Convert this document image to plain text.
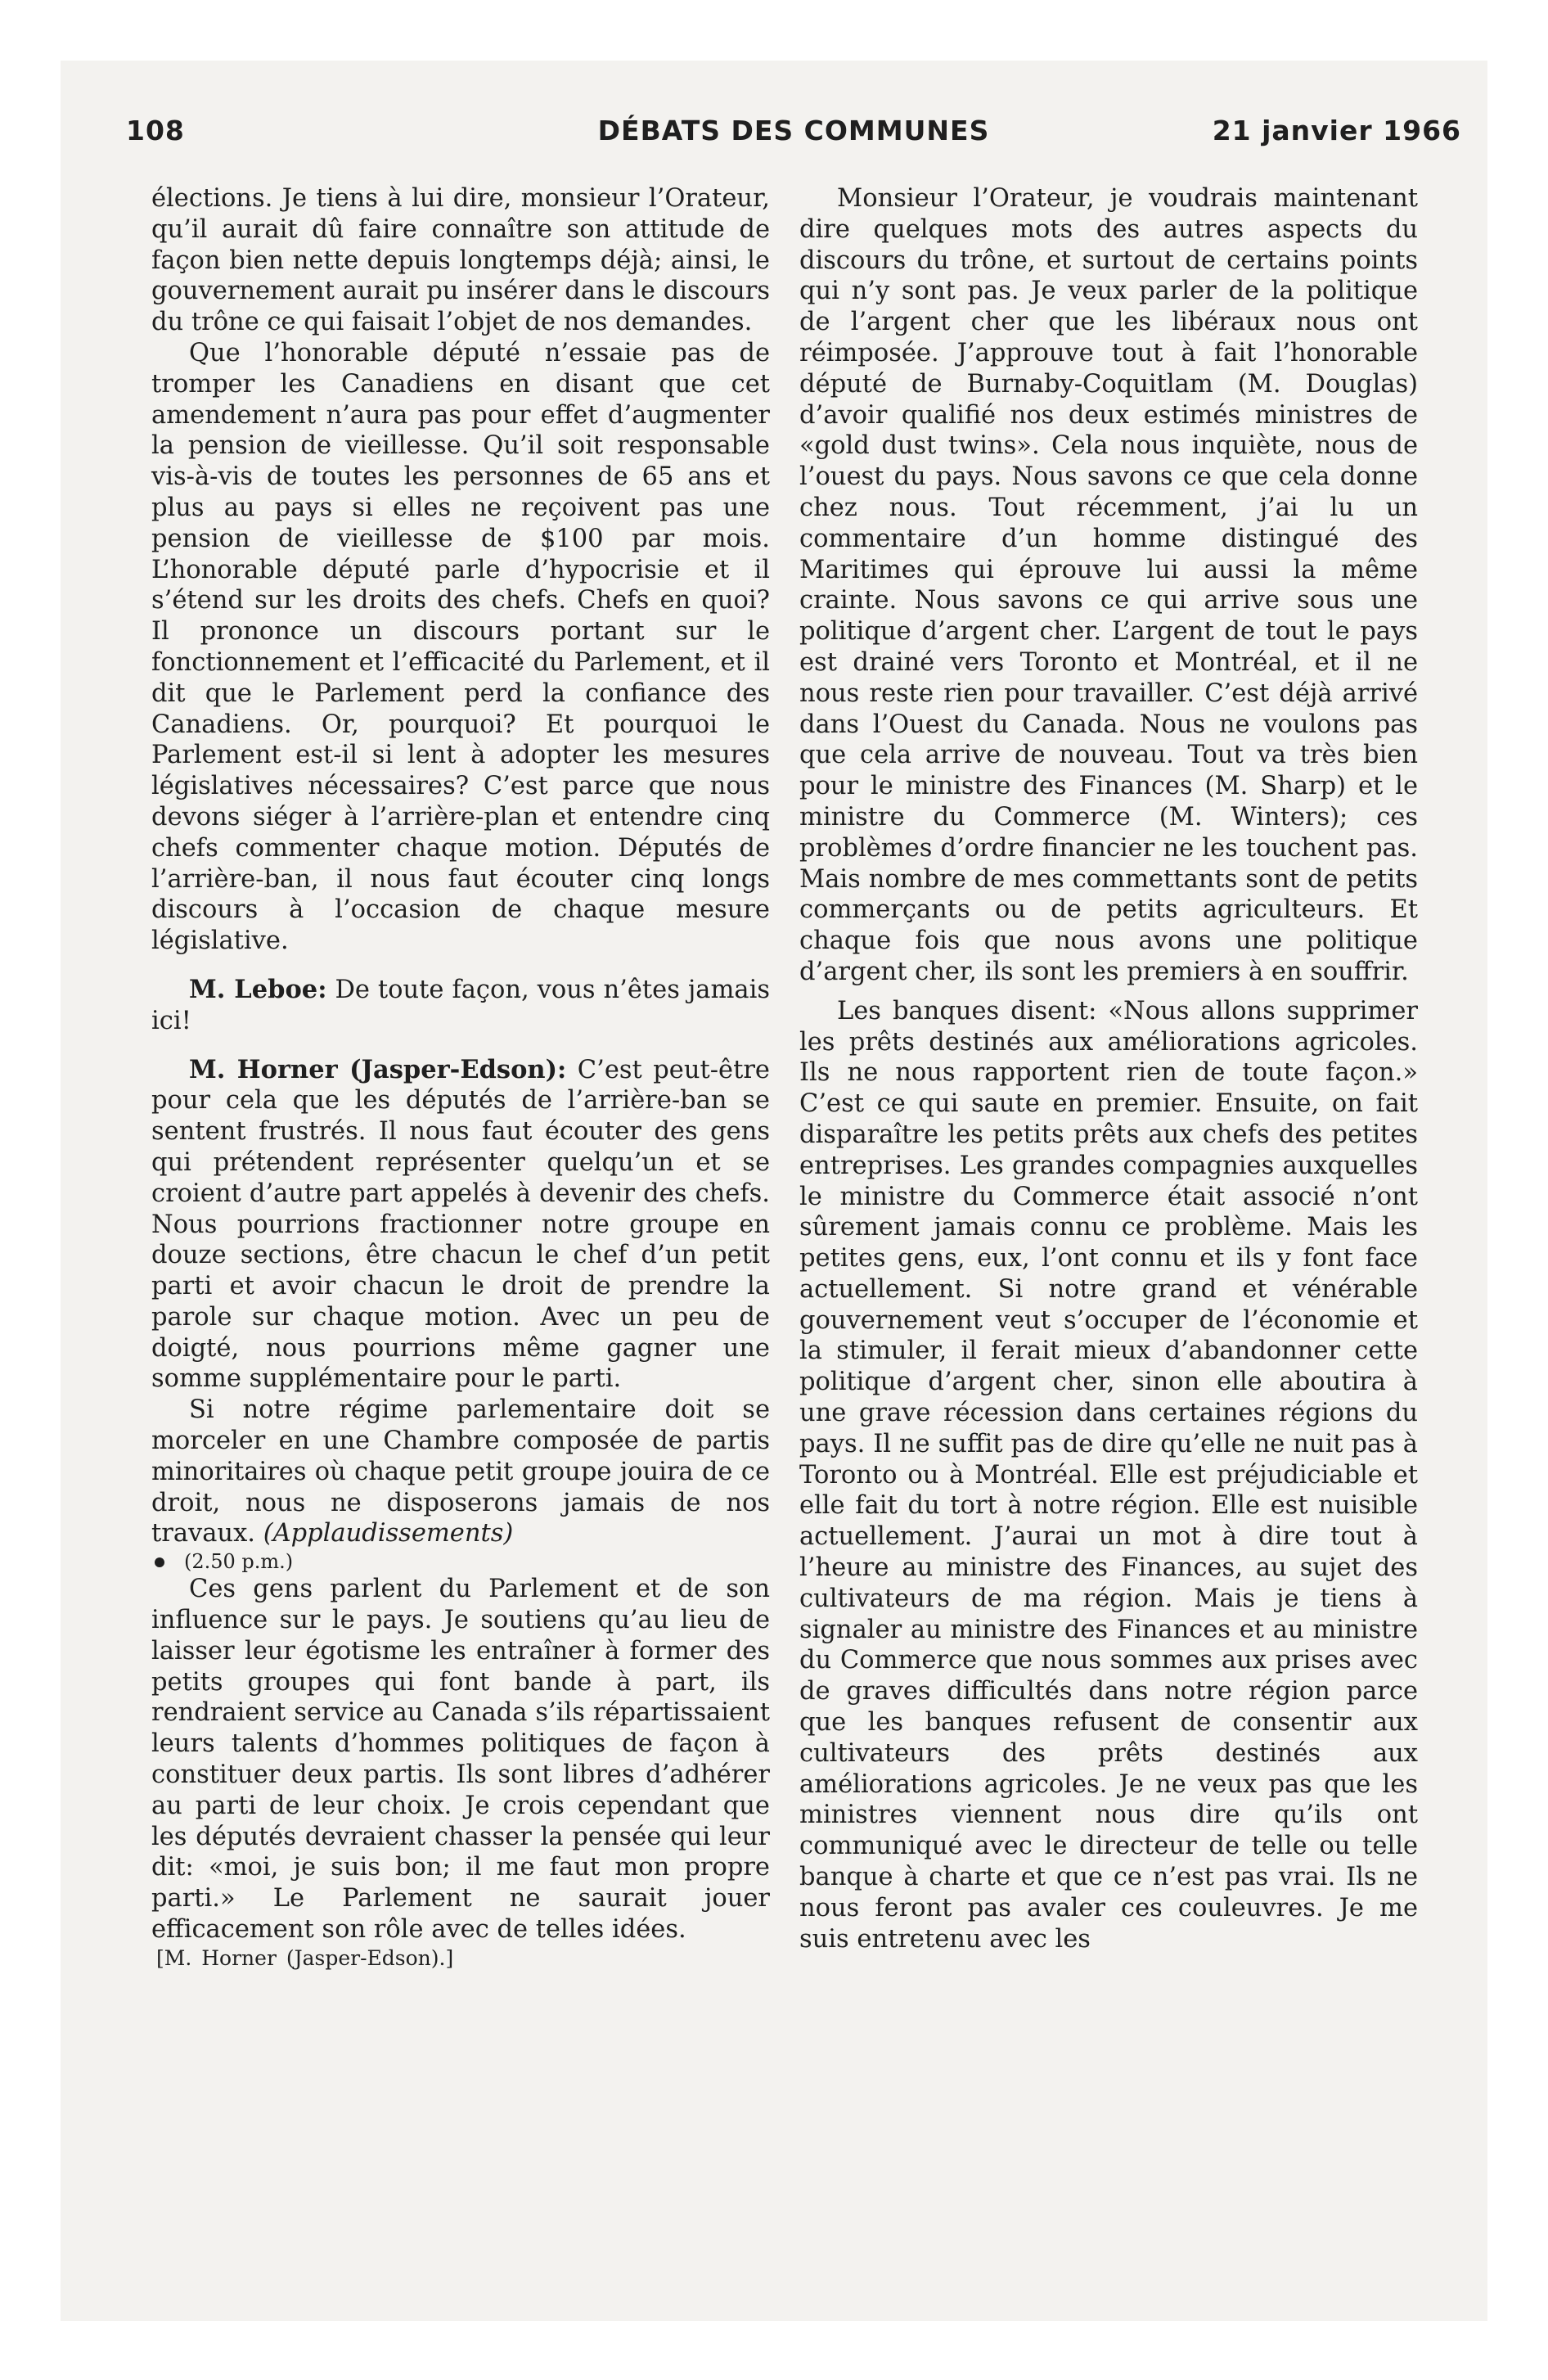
108	DÉBATS DES COMMUNES	21 janvier 1966

élections. Je tiens à lui dire, monsieur l’Orateur, qu’il aurait dû faire connaître son attitude de façon bien nette depuis longtemps déjà; ainsi, le gouvernement aurait pu insérer dans le discours du trône ce qui faisait l’objet de nos demandes.

Que l’honorable député n’essaie pas de tromper les Canadiens en disant que cet amendement n’aura pas pour effet d’augmenter la pension de vieillesse. Qu’il soit responsable vis-à-vis de toutes les personnes de 65 ans et plus au pays si elles ne reçoivent pas une pension de vieillesse de $100 par mois. L’honorable député parle d’hypocrisie et il s’étend sur les droits des chefs. Chefs en quoi? Il prononce un discours portant sur le fonctionnement et l’efficacité du Parlement, et il dit que le Parlement perd la confiance des Canadiens. Or, pourquoi? Et pourquoi le Parlement est-il si lent à adopter les mesures législatives nécessaires? C’est parce que nous devons siéger à l’arrière-plan et entendre cinq chefs commenter chaque motion. Députés de l’arrière-ban, il nous faut écouter cinq longs discours à l’occasion de chaque mesure législative.

M. Leboe: De toute façon, vous n’êtes jamais ici!

M. Horner (Jasper-Edson): C’est peut-être pour cela que les députés de l’arrière-ban se sentent frustrés. Il nous faut écouter des gens qui prétendent représenter quelqu’un et se croient d’autre part appelés à devenir des chefs. Nous pourrions fractionner notre groupe en douze sections, être chacun le chef d’un petit parti et avoir chacun le droit de prendre la parole sur chaque motion. Avec un peu de doigté, nous pourrions même gagner une somme supplémentaire pour le parti.

Si notre régime parlementaire doit se morceler en une Chambre composée de partis minoritaires où chaque petit groupe jouira de ce droit, nous ne disposerons jamais de nos travaux. (Applaudissements)

(2.50 p.m.)

Ces gens parlent du Parlement et de son influence sur le pays. Je soutiens qu’au lieu de laisser leur égotisme les entraîner à former des petits groupes qui font bande à part, ils rendraient service au Canada s’ils répartissaient leurs talents d’hommes politiques de façon à constituer deux partis. Ils sont libres d’adhérer au parti de leur choix. Je crois cependant que les députés devraient chasser la pensée qui leur dit: «moi, je suis bon; il me faut mon propre parti.» Le Parlement ne saurait jouer efficacement son rôle avec de telles idées.

[M. Horner (Jasper-Edson).]

Monsieur l’Orateur, je voudrais maintenant dire quelques mots des autres aspects du discours du trône, et surtout de certains points qui n’y sont pas. Je veux parler de la politique de l’argent cher que les libéraux nous ont réimposée. J’approuve tout à fait l’honorable député de Burnaby-Coquitlam (M. Douglas) d’avoir qualifié nos deux estimés ministres de «gold dust twins». Cela nous inquiète, nous de l’ouest du pays. Nous savons ce que cela donne chez nous. Tout récemment, j’ai lu un commentaire d’un homme distingué des Maritimes qui éprouve lui aussi la même crainte. Nous savons ce qui arrive sous une politique d’argent cher. L’argent de tout le pays est drainé vers Toronto et Montréal, et il ne nous reste rien pour travailler. C’est déjà arrivé dans l’Ouest du Canada. Nous ne voulons pas que cela arrive de nouveau. Tout va très bien pour le ministre des Finances (M. Sharp) et le ministre du Commerce (M. Winters); ces problèmes d’ordre financier ne les touchent pas. Mais nombre de mes commettants sont de petits commerçants ou de petits agriculteurs. Et chaque fois que nous avons une politique d’argent cher, ils sont les premiers à en souffrir.

Les banques disent: «Nous allons supprimer les prêts destinés aux améliorations agricoles. Ils ne nous rapportent rien de toute façon.» C’est ce qui saute en premier. Ensuite, on fait disparaître les petits prêts aux chefs des petites entreprises. Les grandes compagnies auxquelles le ministre du Commerce était associé n’ont sûrement jamais connu ce problème. Mais les petites gens, eux, l’ont connu et ils y font face actuellement. Si notre grand et vénérable gouvernement veut s’occuper de l’économie et la stimuler, il ferait mieux d’abandonner cette politique d’argent cher, sinon elle aboutira à une grave récession dans certaines régions du pays. Il ne suffit pas de dire qu’elle ne nuit pas à Toronto ou à Montréal. Elle est préjudiciable et elle fait du tort à notre région. Elle est nuisible actuellement. J’aurai un mot à dire tout à l’heure au ministre des Finances, au sujet des cultivateurs de ma région. Mais je tiens à signaler au ministre des Finances et au ministre du Commerce que nous sommes aux prises avec de graves difficultés dans notre région parce que les banques refusent de consentir aux cultivateurs des prêts destinés aux améliorations agricoles. Je ne veux pas que les ministres viennent nous dire qu’ils ont communiqué avec le directeur de telle ou telle banque à charte et que ce n’est pas vrai. Ils ne nous feront pas avaler ces couleuvres. Je me suis entretenu avec les
